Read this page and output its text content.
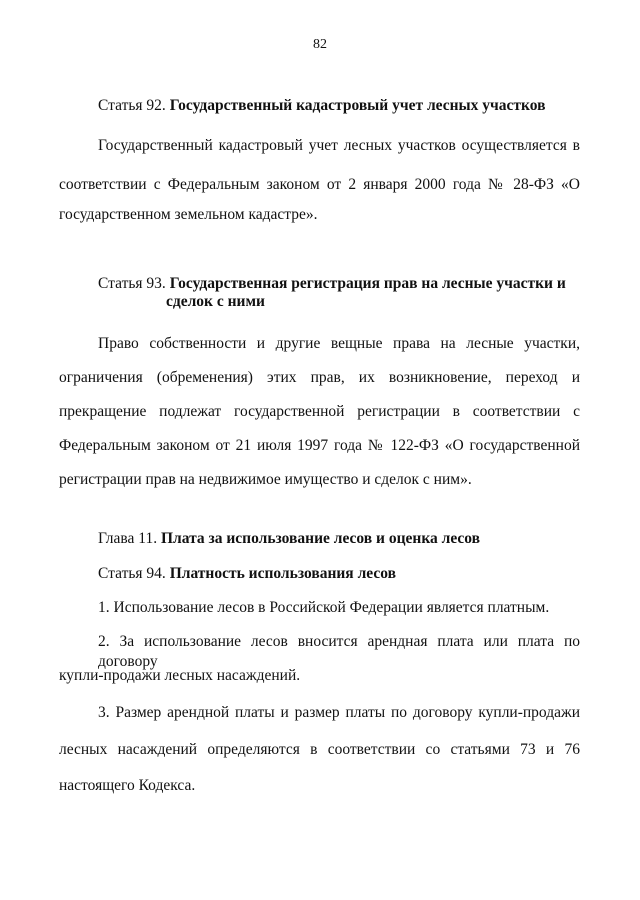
82
Статья 92. Государственный кадастровый учет лесных участков
Государственный кадастровый учет лесных участков осуществляется в
соответствии с Федеральным законом от 2 января 2000 года № 28-ФЗ «О
государственном земельном кадастре».
Статья 93. Государственная регистрация прав на лесные участки и
сделок с ними
Право собственности и другие вещные права на лесные участки,
ограничения (обременения) этих прав, их возникновение, переход и
прекращение подлежат государственной регистрации в соответствии с
Федеральным законом от 21 июля 1997 года № 122-ФЗ «О государственной
регистрации прав на недвижимое имущество и сделок с ним».
Глава 11. Плата за использование лесов и оценка лесов
Статья 94. Платность использования лесов
1. Использование лесов в Российской Федерации является платным.
2. За использование лесов вносится арендная плата или плата по договору
купли-продажи лесных насаждений.
3. Размер арендной платы и размер платы по договору купли-продажи
лесных насаждений определяются в соответствии со статьями 73 и 76
настоящего Кодекса.
